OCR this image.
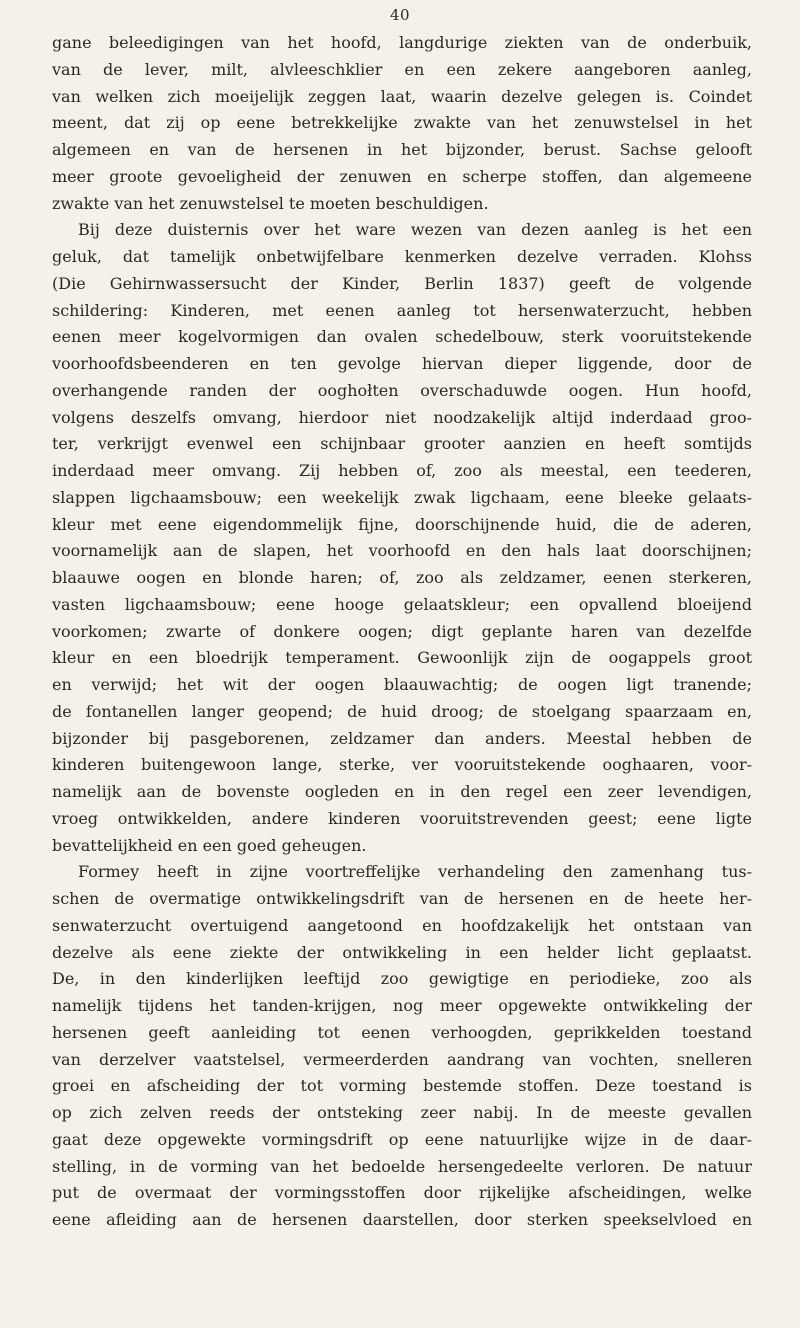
40
gane beleedigingen van het hoofd, langdurige ziekten van de onderbuik,
van de lever, milt, alvleeschklier en een zekere aangeboren aanleg,
van welken zich moeijelijk zeggen laat, waarin dezelve gelegen is. Coindet
meent, dat zij op eene betrekkelijke zwakte van het zenuwstelsel in het
algemeen en van de hersenen in het bijzonder, berust. Sachse gelooft
meer groote gevoeligheid der zenuwen en scherpe stoffen, dan algemeene
zwakte van het zenuwstelsel te moeten beschuldigen.
Bij deze duisternis over het ware wezen van dezen aanleg is het een
geluk, dat tamelijk onbetwijfelbare kenmerken dezelve verraden. Klohss
(Die Gehirnwassersucht der Kinder, Berlin 1837) geeft de volgende
schildering: Kinderen, met eenen aanleg tot hersenwaterzucht, hebben
eenen meer kogelvormigen dan ovalen schedelbouw, sterk vooruitstekende
voorhoofdsbeenderen en ten gevolge hiervan dieper liggende, door de
overhangende randen der ooghołten overschaduwde oogen. Hun hoofd,
volgens deszelfs omvang, hierdoor niet noodzakelijk altijd inderdaad groo-
ter, verkrijgt evenwel een schijnbaar grooter aanzien en heeft somtijds
inderdaad meer omvang. Zij hebben of, zoo als meestal, een teederen,
slappen ligchaamsbouw; een weekelijk zwak ligchaam, eene bleeke gelaats-
kleur met eene eigendommelijk fijne, doorschijnende huid, die de aderen,
voornamelijk aan de slapen, het voorhoofd en den hals laat doorschijnen;
blaauwe oogen en blonde haren; of, zoo als zeldzamer, eenen sterkeren,
vasten ligchaamsbouw; eene hooge gelaatskleur; een opvallend bloeijend
voorkomen; zwarte of donkere oogen; digt geplante haren van dezelfde
kleur en een bloedrijk temperament. Gewoonlijk zijn de oogappels groot
en verwijd; het wit der oogen blaauwachtig; de oogen ligt tranende;
de fontanellen langer geopend; de huid droog; de stoelgang spaarzaam en,
bijzonder bij pasgeborenen, zeldzamer dan anders. Meestal hebben de
kinderen buitengewoon lange, sterke, ver vooruitstekende ooghaaren, voor-
namelijk aan de bovenste oogleden en in den regel een zeer levendigen,
vroeg ontwikkelden, andere kinderen vooruitstrevenden geest; eene ligte
bevattelijkheid en een goed geheugen.
Formey heeft in zijne voortreffelijke verhandeling den zamenhang tus-
schen de overmatige ontwikkelingsdrift van de hersenen en de heete her-
senwaterzucht overtuigend aangetoond en hoofdzakelijk het ontstaan van
dezelve als eene ziekte der ontwikkeling in een helder licht geplaatst.
De, in den kinderlijken leeftijd zoo gewigtige en periodieke, zoo als
namelijk tijdens het tanden-krijgen, nog meer opgewekte ontwikkeling der
hersenen geeft aanleiding tot eenen verhoogden, geprikkelden toestand
van derzelver vaatstelsel, vermeerderden aandrang van vochten, snelleren
groei en afscheiding der tot vorming bestemde stoffen. Deze toestand is
op zich zelven reeds der ontsteking zeer nabij. In de meeste gevallen
gaat deze opgewekte vormingsdrift op eene natuurlijke wijze in de daar-
stelling, in de vorming van het bedoelde hersengedeelte verloren. De natuur
put de overmaat der vormingsstoffen door rijkelijke afscheidingen, welke
eene afleiding aan de hersenen daarstellen, door sterken speekselvloed en
